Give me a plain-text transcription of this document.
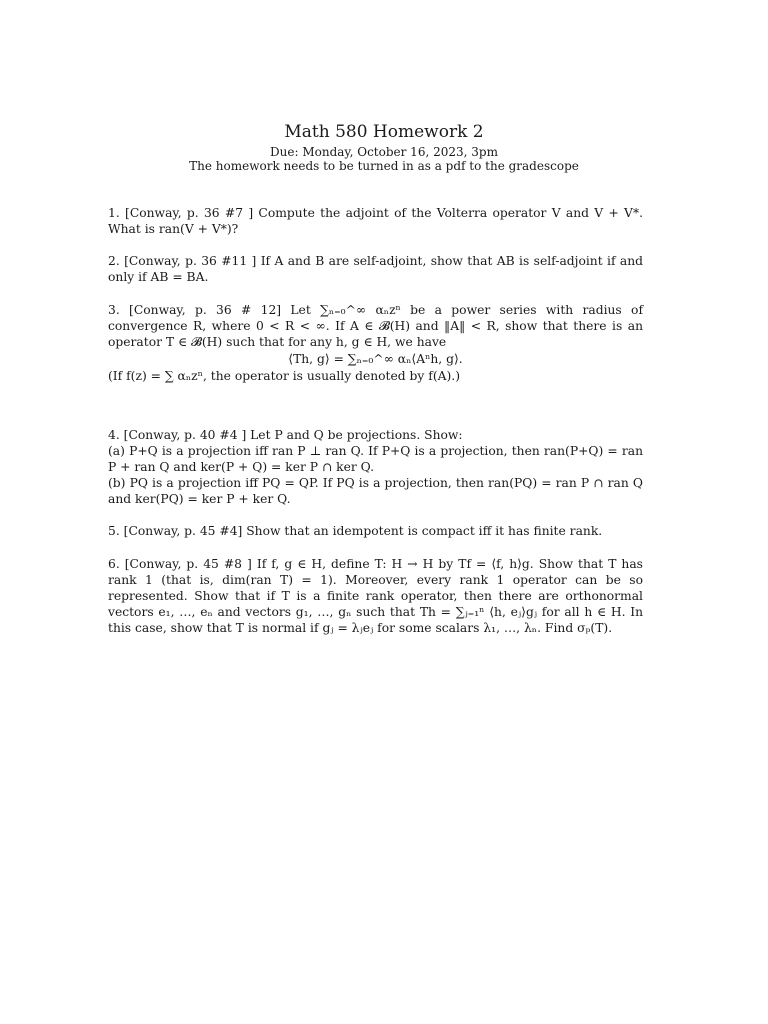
Math 580 Homework 2
Due: Monday, October 16, 2023, 3pm
The homework needs to be turned in as a pdf to the gradescope

1. [Conway, p. 36 #7 ] Compute the adjoint of the Volterra operator V and V + V*. What is ran(V + V*)?

2. [Conway, p. 36 #11 ] If A and B are self-adjoint, show that AB is self-adjoint if and only if AB = BA.

3. [Conway, p. 36 # 12] Let ∑ₙ₌₀^∞ αₙzⁿ be a power series with radius of convergence R, where 0 < R < ∞. If A ∈ 𝓑(H) and ‖A‖ < R, show that there is an operator T ∈ 𝓑(H) such that for any h, g ∈ H, we have

⟨Th, g⟩ = ∑ₙ₌₀^∞ αₙ⟨Aⁿh, g⟩.

(If f(z) = ∑ αₙzⁿ, the operator is usually denoted by f(A).)

4. [Conway, p. 40 #4 ] Let P and Q be projections. Show:

(a) P+Q is a projection iff ran P ⊥ ran Q. If P+Q is a projection, then ran(P+Q) = ran P + ran Q and ker(P + Q) = ker P ∩ ker Q.

(b) PQ is a projection iff PQ = QP. If PQ is a projection, then ran(PQ) = ran P ∩ ran Q and ker(PQ) = ker P + ker Q.

5. [Conway, p. 45 #4] Show that an idempotent is compact iff it has finite rank.

6. [Conway, p. 45 #8 ] If f, g ∈ H, define T: H → H by Tf = ⟨f, h⟩g. Show that T has rank 1 (that is, dim(ran T) = 1). Moreover, every rank 1 operator can be so represented. Show that if T is a finite rank operator, then there are orthonormal vectors e₁, …, eₙ and vectors g₁, …, gₙ such that Th = ∑ⱼ₌₁ⁿ ⟨h, eⱼ⟩gⱼ for all h ∈ H. In this case, show that T is normal if gⱼ = λⱼeⱼ for some scalars λ₁, …, λₙ. Find σₚ(T).
